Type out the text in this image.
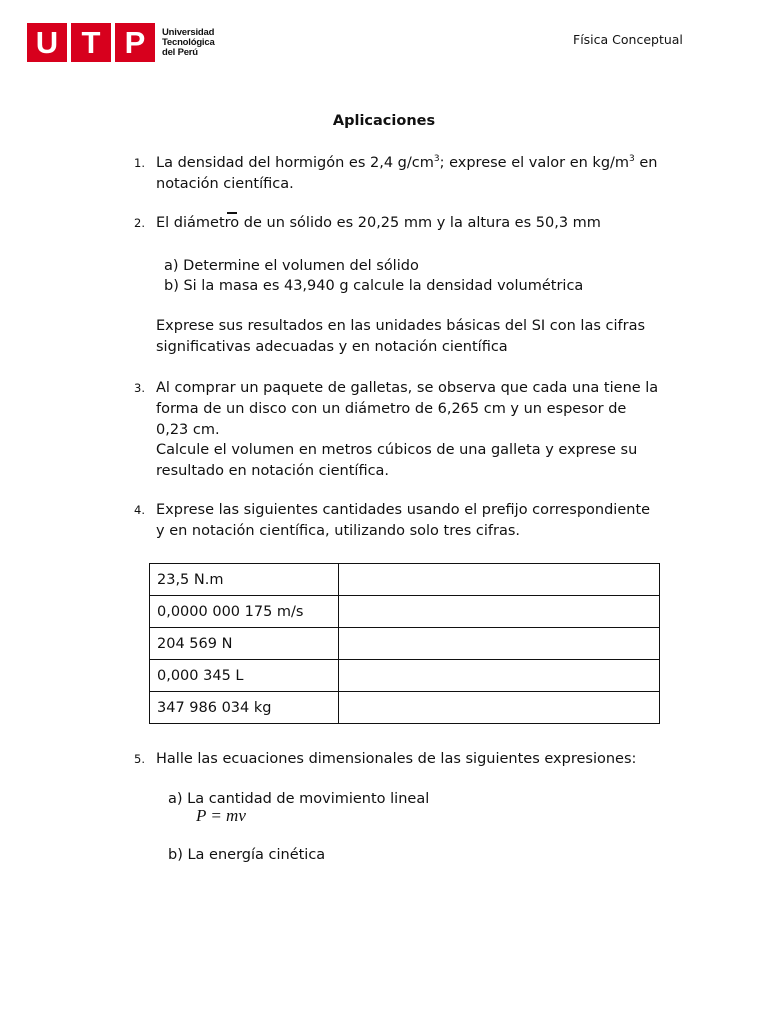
U T P	Universidad
Tecnológica
del Perú
Física Conceptual
Aplicaciones
1. La densidad del hormigón es 2,4 $g/cm^3$; exprese el valor en $kg/m^3$ en
notación científica.
2. El diámetro de un sólido es 20,25 mm y la altura es 50,3 mm
a) Determine el volumen del sólido
b) Si la masa es 43,940 g calcule la densidad volumétrica
Exprese sus resultados en las unidades básicas del SI con las cifras
significativas adecuadas y en notación científica
3. Al comprar un paquete de galletas, se observa que cada una tiene la
forma de un disco con un diámetro de 6,265 cm y un espesor de
0,23 cm.
Calcule el volumen en metros cúbicos de una galleta y exprese su
resultado en notación científica.
4. Exprese las siguientes cantidades usando el prefijo correspondiente
y en notación científica, utilizando solo tres cifras.
23,5 N.m	
0,0000 000 175 m/s	
204 569 N	
0,000 345 L	
347 986 034 kg	
5. Halle las ecuaciones dimensionales de las siguientes expresiones:
a) La cantidad de movimiento lineal
P = mv
b) La energía cinética
